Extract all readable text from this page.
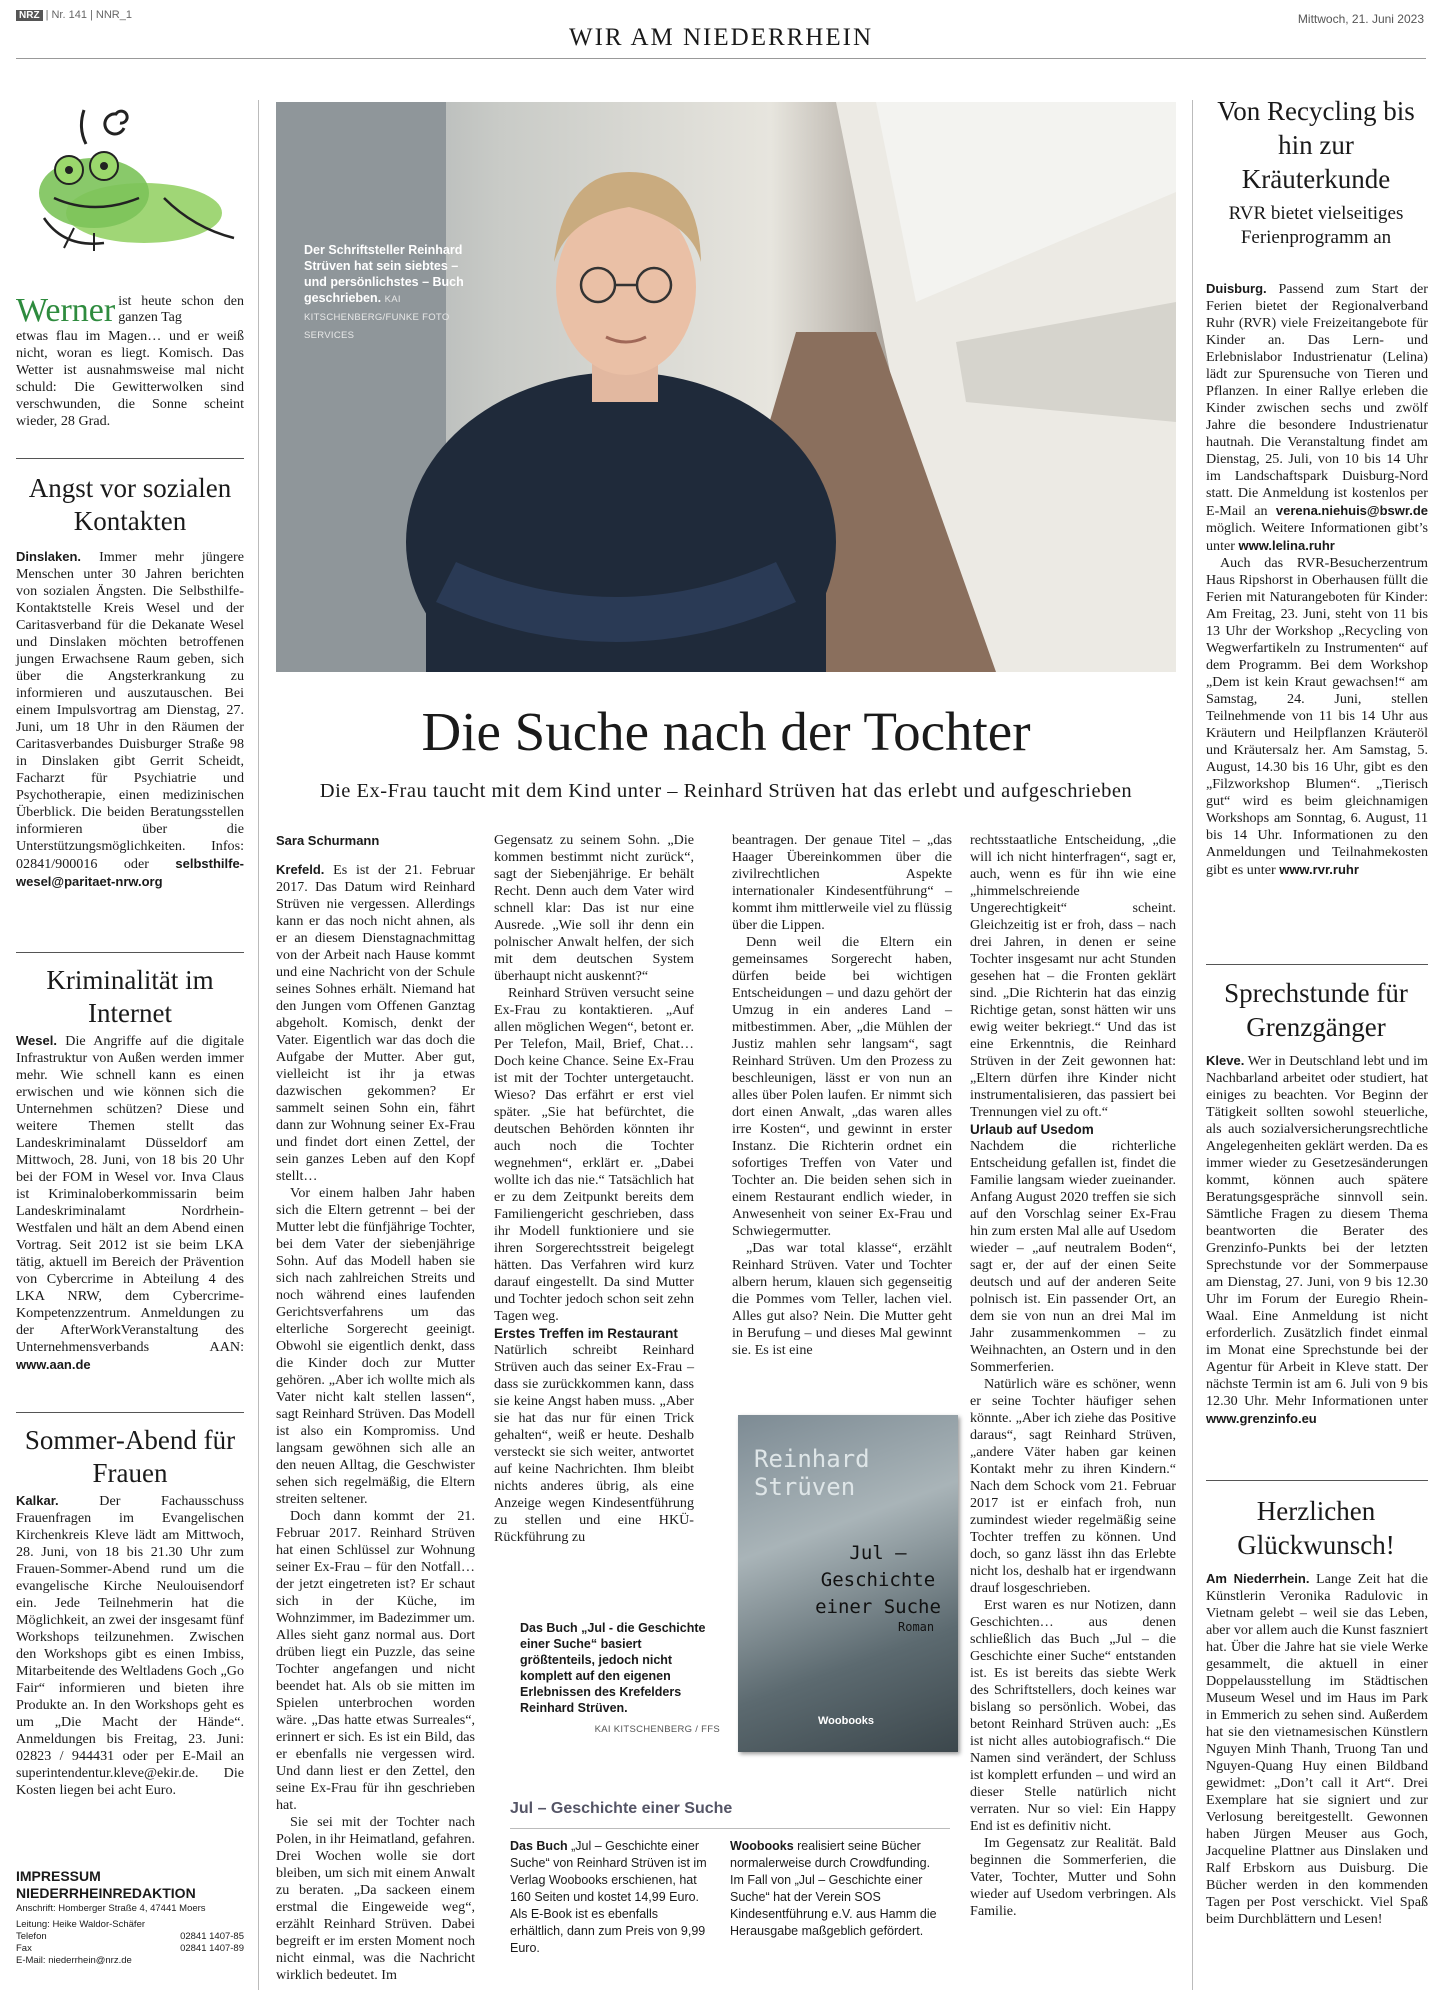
NRZ | Nr. 141 | NNR_1
WIR AM NIEDERRHEIN
Mittwoch, 21. Juni 2023
Werner ist heute schon den ganzen Tag

etwas flau im Magen… und er weiß nicht, woran es liegt. Komisch. Das Wetter ist ausnahmsweise mal nicht schuld: Die Gewitterwolken sind verschwunden, die Sonne scheint wieder, 28 Grad.

Angst vor sozialen Kontakten

Dinslaken. Immer mehr jüngere Menschen unter 30 Jahren berichten von sozialen Ängsten. Die Selbsthilfe-Kontaktstelle Kreis Wesel und der Caritasverband für die Dekanate Wesel und Dinslaken möchten betroffenen jungen Erwachsene Raum geben, sich über die Angsterkrankung zu informieren und auszutauschen. Bei einem Impulsvortrag am Dienstag, 27. Juni, um 18 Uhr in den Räumen der Caritasverbandes Duisburger Straße 98 in Dinslaken gibt Gerrit Scheidt, Facharzt für Psychiatrie und Psychotherapie, einen medizinischen Überblick. Die beiden Beratungsstellen informieren über die Unterstützungsmöglichkeiten. Infos: 02841/900016 oder selbsthilfe-wesel@paritaet-nrw.org

Kriminalität im Internet

Wesel. Die Angriffe auf die digitale Infrastruktur von Außen werden immer mehr. Wie schnell kann es einen erwischen und wie können sich die Unternehmen schützen? Diese und weitere Themen stellt das Landeskriminalamt Düsseldorf am Mittwoch, 28. Juni, von 18 bis 20 Uhr bei der FOM in Wesel vor. Inva Claus ist Kriminaloberkommissarin beim Landeskriminalamt Nordrhein-Westfalen und hält an dem Abend einen Vortrag. Seit 2012 ist sie beim LKA tätig, aktuell im Bereich der Prävention von Cybercrime in Abteilung 4 des LKA NRW, dem Cybercrime-Kompetenzzentrum. Anmeldungen zu der AfterWorkVeranstaltung des Unternehmensverbands AAN: www.aan.de

Sommer-Abend für Frauen

Kalkar.	Der Fachausschuss Frauenfragen im Evangelischen Kirchenkreis Kleve lädt am Mittwoch, 28. Juni, von 18 bis 21.30 Uhr zum Frauen-Sommer-Abend rund um die evangelische Kirche Neulouisendorf ein. Jede Teilnehmerin hat die Möglichkeit, an zwei der insgesamt fünf Workshops teilzunehmen. Zwischen den Workshops gibt es einen Imbiss, Mitarbeitende des Weltladens Goch „Go Fair“ informieren und bieten ihre Produkte an. In den Workshops geht es um „Die Macht der Hände“. Anmeldungen bis Freitag, 23. Juni: 02823 / 944431 oder per E-Mail an superintendentur.kleve@ekir.de. Die Kosten liegen bei acht Euro.

IMPRESSUM
NIEDERRHEINREDAKTION
Anschrift: Homberger Straße 4, 47441 Moers
Leitung: Heike Waldor-Schäfer
Telefon	02841 1407-85
Fax	02841 1407-89
E-Mail: niederrhein@nrz.de
Der Schriftsteller Reinhard Strüven hat sein siebtes – und persönlichstes – Buch geschrieben. KAI KITSCHENBERG/FUNKE FOTO SERVICES
Die Suche nach der Tochter
Die Ex-Frau taucht mit dem Kind unter – Reinhard Strüven hat das erlebt und aufgeschrieben

Sara Schurmann

Krefeld. Es ist der 21. Februar 2017. Das Datum wird Reinhard Strüven nie vergessen. Allerdings kann er das noch nicht ahnen, als er an diesem Dienstagnachmittag von der Arbeit nach Hause kommt und eine Nachricht von der Schule seines Sohnes erhält. Niemand hat den Jungen vom Offenen Ganztag abgeholt. Komisch, denkt der Vater. Eigentlich war das doch die Aufgabe der Mutter. Aber gut, vielleicht ist ihr ja etwas dazwischen gekommen? Er sammelt seinen Sohn ein, fährt dann zur Wohnung seiner Ex-Frau und findet dort einen Zettel, der sein ganzes Leben auf den Kopf stellt…

Vor einem halben Jahr haben sich die Eltern getrennt – bei der Mutter lebt die fünfjährige Tochter, bei dem Vater der siebenjährige Sohn. Auf das Modell haben sie sich nach zahlreichen Streits und noch während eines laufenden Gerichtsverfahrens um das elterliche Sorgerecht geeinigt. Obwohl sie eigentlich denkt, dass die Kinder doch zur Mutter gehören. „Aber ich wollte mich als Vater nicht kalt stellen lassen“, sagt Reinhard Strüven. Das Modell ist also ein Kompromiss. Und langsam gewöhnen sich alle an den neuen Alltag, die Geschwister sehen sich regelmäßig, die Eltern streiten seltener.

Doch dann kommt der 21. Februar 2017. Reinhard Strüven hat einen Schlüssel zur Wohnung seiner Ex-Frau – für den Notfall… der jetzt eingetreten ist? Er schaut sich in der Küche, im Wohnzimmer, im Badezimmer um. Alles sieht ganz normal aus. Dort drüben liegt ein Puzzle, das seine Tochter angefangen und nicht beendet hat. Als ob sie mitten im Spielen unterbrochen worden wäre. „Das hatte etwas Surreales“, erinnert er sich. Es ist ein Bild, das er ebenfalls nie vergessen wird. Und dann liest er den Zettel, den seine Ex-Frau für ihn geschrieben hat.

Sie sei mit der Tochter nach Polen, in ihr Heimatland, gefahren. Drei Wochen wolle sie dort bleiben, um sich mit einem Anwalt zu beraten. „Da sackeen einem erstmal die Eingeweide weg“, erzählt Reinhard Strüven. Dabei begreift er im ersten Moment noch nicht einmal, was die Nachricht wirklich bedeutet. Im

Gegensatz zu seinem Sohn. „Die kommen bestimmt nicht zurück“, sagt der Siebenjährige. Er behält Recht. Denn auch dem Vater wird schnell klar: Das ist nur eine Ausrede. „Wie soll ihr denn ein polnischer Anwalt helfen, der sich mit dem deutschen System überhaupt nicht auskennt?“

Reinhard Strüven versucht seine Ex-Frau zu kontaktieren. „Auf allen möglichen Wegen“, betont er. Per Telefon, Mail, Brief, Chat… Doch keine Chance. Seine Ex-Frau ist mit der Tochter untergetaucht. Wieso? Das erfährt er erst viel später. „Sie hat befürchtet, die deutschen Behörden könnten ihr auch noch die Tochter wegnehmen“, erklärt er. „Dabei wollte ich das nie.“ Tatsächlich hat er zu dem Zeitpunkt bereits dem Familiengericht geschrieben, dass ihr Modell funktioniere und sie ihren Sorgerechtsstreit beigelegt hätten. Das Verfahren wird kurz darauf eingestellt. Da sind Mutter und Tochter jedoch schon seit zehn Tagen weg.

Erstes Treffen im Restaurant

Natürlich schreibt Reinhard Strüven auch das seiner Ex-Frau – dass sie zurückkommen kann, dass sie keine Angst haben muss. „Aber sie hat das nur für einen Trick gehalten“, weiß er heute. Deshalb versteckt sie sich weiter, antwortet auf keine Nachrichten. Ihm bleibt nichts anderes übrig, als eine Anzeige wegen Kindesentführung zu stellen und eine HKÜ-Rückführung zu

beantragen. Der genaue Titel – „das Haager Übereinkommen über die zivilrechtlichen Aspekte internationaler Kindesentführung“ – kommt ihm mittlerweile viel zu flüssig über die Lippen.

Denn weil die Eltern ein gemeinsames Sorgerecht haben, dürfen beide bei wichtigen Entscheidungen – und dazu gehört der Umzug in ein anderes Land – mitbestimmen. Aber, „die Mühlen der Justiz mahlen sehr langsam“, sagt Reinhard Strüven. Um den Prozess zu beschleunigen, lässt er von nun an alles über Polen laufen. Er nimmt sich dort einen Anwalt, „das waren alles irre Kosten“, und gewinnt in erster Instanz. Die Richterin ordnet ein sofortiges Treffen von Vater und Tochter an. Die beiden sehen sich in einem Restaurant endlich wieder, in Anwesenheit von seiner Ex-Frau und Schwiegermutter.

„Das war total klasse“, erzählt Reinhard Strüven. Vater und Tochter albern herum, klauen sich gegenseitig die Pommes vom Teller, lachen viel. Alles gut also? Nein. Die Mutter geht in Berufung – und dieses Mal gewinnt sie. Es ist eine

rechtsstaatliche Entscheidung, „die will ich nicht hinterfragen“, sagt er, auch, wenn es für ihn wie eine „himmelschreiende Ungerechtigkeit“ scheint. Gleichzeitig ist er froh, dass – nach drei Jahren, in denen er seine Tochter insgesamt nur acht Stunden gesehen hat – die Fronten geklärt sind. „Die Richterin hat das einzig Richtige getan, sonst hätten wir uns ewig weiter bekriegt.“ Und das ist eine Erkenntnis, die Reinhard Strüven in der Zeit gewonnen hat: „Eltern dürfen ihre Kinder nicht instrumentalisieren, das passiert bei Trennungen viel zu oft.“

Urlaub auf Usedom

Nachdem die richterliche Entscheidung gefallen ist, findet die Familie langsam wieder zueinander. Anfang August 2020 treffen sie sich auf den Vorschlag seiner Ex-Frau hin zum ersten Mal alle auf Usedom wieder – „auf neutralem Boden“, sagt er, der auf der einen Seite deutsch und auf der anderen Seite polnisch ist. Ein passender Ort, an dem sie von nun an drei Mal im Jahr zusammenkommen – zu Weihnachten, an Ostern und in den Sommerferien.

Natürlich wäre es schöner, wenn er seine Tochter häufiger sehen könnte. „Aber ich ziehe das Positive daraus“, sagt Reinhard Strüven, „andere Väter haben gar keinen Kontakt mehr zu ihren Kindern.“ Nach dem Schock vom 21. Februar 2017 ist er einfach froh, nun zumindest wieder regelmäßig seine Tochter treffen zu können. Und doch, so ganz lässt ihn das Erlebte nicht los, deshalb hat er irgendwann drauf losgeschrieben.

Erst waren es nur Notizen, dann Geschichten… aus denen schließlich das Buch „Jul – die Geschichte einer Suche“ entstanden ist. Es ist bereits das siebte Werk des Schriftstellers, doch keines war bislang so persönlich. Wobei, das betont Reinhard Strüven auch: „Es ist nicht alles autobiografisch.“ Die Namen sind verändert, der Schluss ist komplett erfunden – und wird an dieser Stelle natürlich nicht verraten. Nur so viel: Ein Happy End ist es definitiv nicht.

Im Gegensatz zur Realität. Bald beginnen die Sommerferien, die Vater, Tochter, Mutter und Sohn wieder auf Usedom verbringen. Als Familie.

Reinhard Strüven
Jul – Geschichte einer Suche
Roman
Woobooks
Das Buch „Jul - die Geschichte einer Suche“ basiert größtenteils, jedoch nicht komplett auf den eigenen Erlebnissen des Krefelders Reinhard Strüven.
KAI KITSCHENBERG / FFS
Jul – Geschichte einer Suche
Das Buch „Jul – Geschichte einer Suche“ von Reinhard Strüven ist im Verlag Woobooks erschienen, hat 160 Seiten und kostet 14,99 Euro. Als E-Book ist es ebenfalls erhältlich, dann zum Preis von 9,99 Euro.
Woobooks realisiert seine Bücher normalerweise durch Crowdfunding. Im Fall von „Jul – Geschichte einer Suche“ hat der Verein SOS Kindesentführung e.V. aus Hamm die Herausgabe maßgeblich gefördert.
Von Recycling bis hin zur Kräuterkunde
RVR bietet vielseitiges Ferienprogramm an

Duisburg. Passend zum Start der Ferien bietet der Regionalverband Ruhr (RVR) viele Freizeitangebote für Kinder an. Das Lern- und Erlebnislabor Industrienatur (Lelina) lädt zur Spurensuche von Tieren und Pflanzen. In einer Rallye erleben die Kinder zwischen sechs und zwölf Jahre die besondere Industrienatur hautnah. Die Veranstaltung findet am Dienstag, 25. Juli, von 10 bis 14 Uhr im Landschaftspark Duisburg-Nord statt. Die Anmeldung ist kostenlos per E-Mail an verena.niehuis@bswr.de möglich. Weitere Informationen gibt’s unter www.lelina.ruhr

Auch das RVR-Besucherzentrum Haus Ripshorst in Oberhausen füllt die Ferien mit Naturangeboten für Kinder: Am Freitag, 23. Juni, steht von 11 bis 13 Uhr der Workshop „Recycling von Wegwerfartikeln zu Instrumenten“ auf dem Programm. Bei dem Workshop „Dem ist kein Kraut gewachsen!“ am Samstag, 24. Juni, stellen Teilnehmende von 11 bis 14 Uhr aus Kräutern und Heilpflanzen Kräuteröl und Kräutersalz her. Am Samstag, 5. August, 14.30 bis 16 Uhr, gibt es den „Filzworkshop Blumen“. „Tierisch gut“ wird es beim gleichnamigen Workshops am Sonntag, 6. August, 11 bis 14 Uhr. Informationen zu den Anmeldungen und Teilnahmekosten gibt es unter www.rvr.ruhr

Sprechstunde für Grenzgänger

Kleve. Wer in Deutschland lebt und im Nachbarland arbeitet oder studiert, hat einiges zu beachten. Vor Beginn der Tätigkeit sollten sowohl steuerliche, als auch sozialversicherungsrechtliche Angelegenheiten geklärt werden. Da es immer wieder zu Gesetzesänderungen kommt, können auch spätere Beratungsgespräche sinnvoll sein. Sämtliche Fragen zu diesem Thema beantworten die Berater des Grenzinfo-Punkts bei der letzten Sprechstunde vor der Sommerpause am Dienstag, 27. Juni, von 9 bis 12.30 Uhr im Forum der Euregio Rhein-Waal. Eine Anmeldung ist nicht erforderlich. Zusätzlich findet einmal im Monat eine Sprechstunde bei der Agentur für Arbeit in Kleve statt. Der nächste Termin ist am 6. Juli von 9 bis 12.30 Uhr. Mehr Informationen unter www.grenzinfo.eu

Herzlichen Glückwunsch!

Am Niederrhein. Lange Zeit hat die Künstlerin Veronika Radulovic in Vietnam gelebt – weil sie das Leben, aber vor allem auch die Kunst faszniert hat. Über die Jahre hat sie viele Werke gesammelt, die aktuell in einer Doppelausstellung im Städtischen Museum Wesel und im Haus im Park in Emmerich zu sehen sind. Außerdem hat sie den vietnamesischen Künstlern Nguyen Minh Thanh, Truong Tan und Nguyen-Quang Huy einen Bildband gewidmet: „Don’t call it Art“. Drei Exemplare hat sie signiert und zur Verlosung bereitgestellt. Gewonnen haben Jürgen Meuser aus Goch, Jacqueline Plattner aus Dinslaken und Ralf Erbskorn aus Duisburg. Die Bücher werden in den kommenden Tagen per Post verschickt. Viel Spaß beim Durchblättern und Lesen!
